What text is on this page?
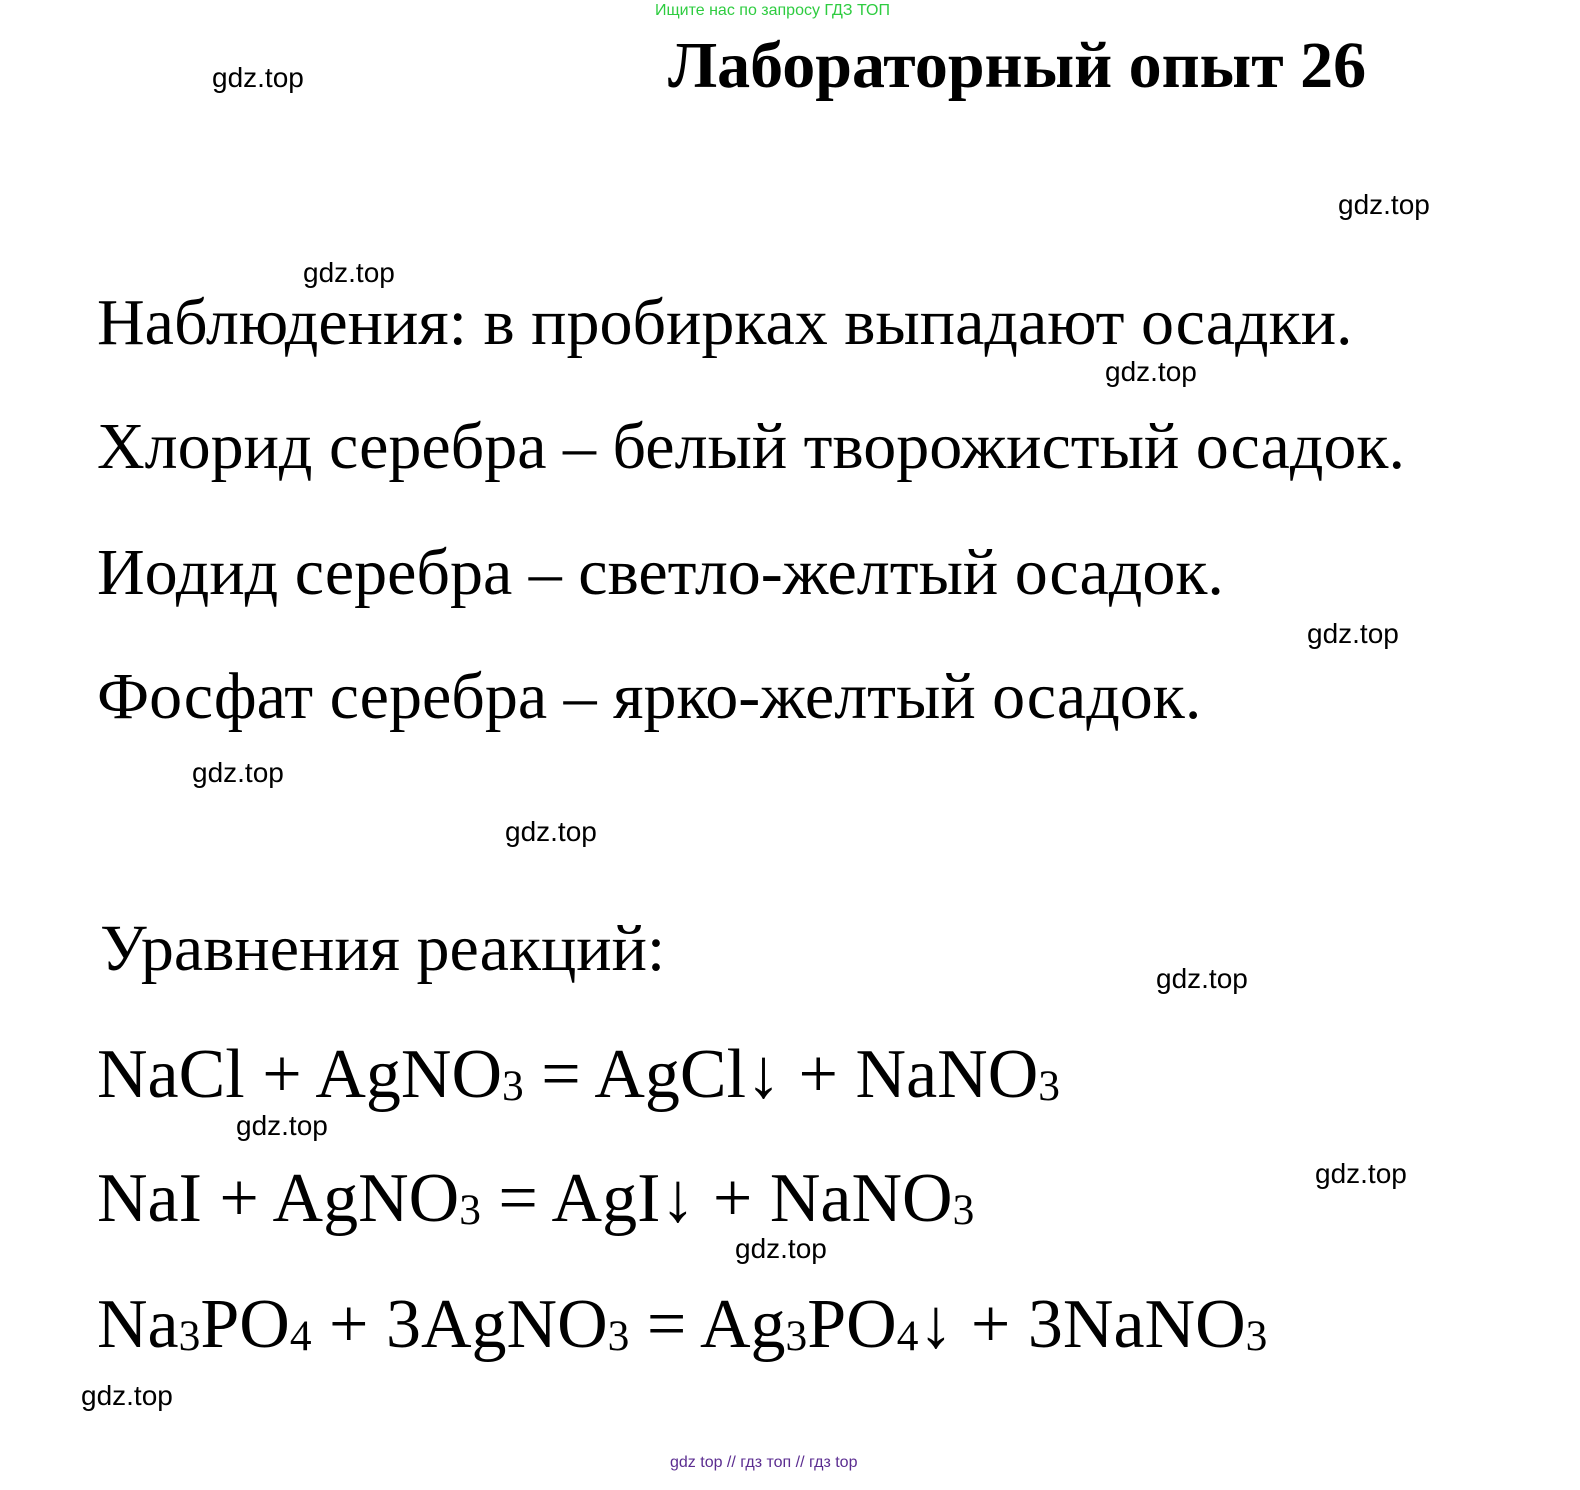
Ищите нас по запросу ГДЗ ТОП
Лабораторный опыт 26
Наблюдения: в пробирках выпадают осадки.
Хлорид серебра – белый творожистый осадок.
Иодид серебра – светло-желтый осадок.
Фосфат серебра – ярко-желтый осадок.
Уравнения реакций:
NaCl + AgNO3 = AgCl↓ + NaNO3
NaI + AgNO3 = AgI↓ + NaNO3
Na3PO4 + 3AgNO3 = Ag3PO4↓ + 3NaNO3
gdz.top
gdz.top
gdz.top
gdz.top
gdz.top
gdz.top
gdz.top
gdz.top
gdz.top
gdz.top
gdz.top
gdz.top
gdz top // гдз топ // гдз top
